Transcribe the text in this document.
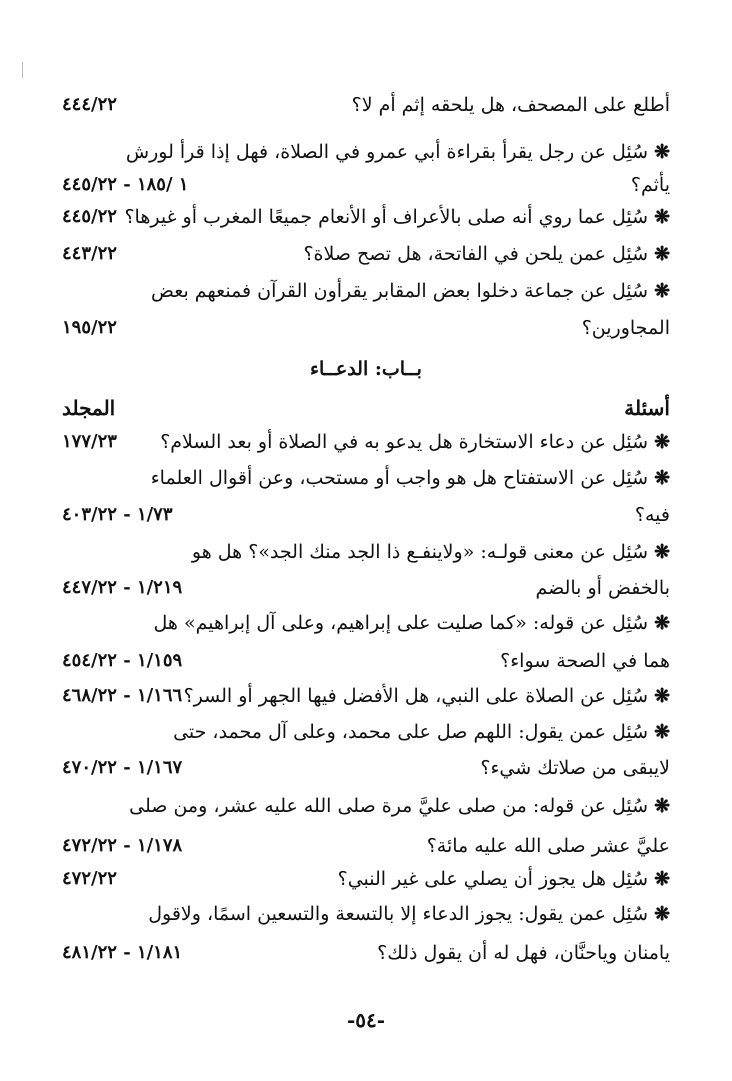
أطلع على المصحف، هل يلحقه إثم أم لا؟
٤٤٤/٢٢
❋سُئِل عن رجل يقرأ بقراءة أبي عمرو في الصلاة، فهل إذا قرأ لورش
يأثم؟
١ /١٨٥ - ٤٤٥/٢٢
❋سُئِل عما روي أنه صلى بالأعراف أو الأنعام جميعًا المغرب أو غيرها؟
٤٤٥/٢٢
❋سُئِل عمن يلحن في الفاتحة، هل تصح صلاة؟
٤٤٣/٢٢
❋سُئِل عن جماعة دخلوا بعض المقابر يقرأون القرآن فمنعهم بعض
المجاورين؟
١٩٥/٢٢
بــاب: الدعــاء
أسئلة
المجلد
❋سُئِل عن دعاء الاستخارة هل يدعو به في الصلاة أو بعد السلام؟
١٧٧/٢٣
❋سُئِل عن الاستفتاح هل هو واجب أو مستحب، وعن أقوال العلماء
فيه؟
١/٧٣ - ٤٠٣/٢٢
❋سُئِل عن معنى قولـه: «ولاينفـع ذا الجد منك الجد»؟ هل هو
بالخفض أو بالضم
١/٢١٩ - ٤٤٧/٢٢
❋سُئِل عن قوله: «كما صليت على إبراهيم، وعلى آل إبراهيم» هل
هما في الصحة سواء؟
١/١٥٩ - ٤٥٤/٢٢
❋سُئِل عن الصلاة على النبي، هل الأفضل فيها الجهر أو السر؟
١/١٦٦ - ٤٦٨/٢٢
❋سُئِل عمن يقول: اللهم صل على محمد، وعلى آل محمد، حتى
لايبقى من صلاتك شيء؟
١/١٦٧ - ٤٧٠/٢٢
❋سُئِل عن قوله: من صلى عليَّ مرة صلى الله عليه عشر، ومن صلى
عليَّ عشر صلى الله عليه مائة؟
١/١٧٨ - ٤٧٢/٢٢
❋سُئِل هل يجوز أن يصلي على غير النبي؟
٤٧٢/٢٢
❋سُئِل عمن يقول: يجوز الدعاء إلا بالتسعة والتسعين اسمًا، ولاقول
يامنان وياحنَّان، فهل له أن يقول ذلك؟
١/١٨١ - ٤٨١/٢٢
-٥٤-
